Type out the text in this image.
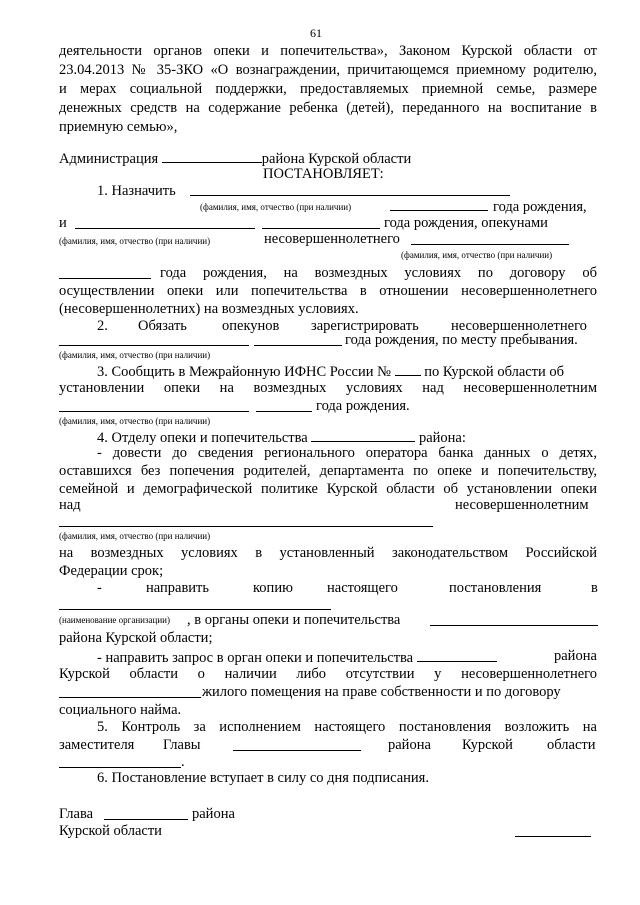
61
деятельности органов опеки и попечительства», Законом Курской области от
23.04.2013 № 35-ЗКО «О вознаграждении, причитающемся приемному родителю,
и мерах социальной поддержки, предоставляемых приемной семье, размере
денежных средств на содержание ребенка (детей), переданного на воспитание в
приемную семью»,
Администрация	района Курской области
ПОСТАНОВЛЯЕТ:
1. Назначить
(фамилия, имя, отчество (при наличии)	года рождения,
и	года рождения, опекунами
(фамилия, имя, отчество (при наличии)	несовершеннолетнего
(фамилия, имя, отчество (при наличии)
года рождения, на возмездных условиях по договору об
осуществлении опеки или попечительства в отношении несовершеннолетнего
(несовершеннолетних) на возмездных условиях.
2. Обязать опекунов зарегистрировать несовершеннолетнего
года рождения, по месту пребывания.
(фамилия, имя, отчество (при наличии)
3. Сообщить в Межрайонную ИФНС России № по Курской области об
установлении опеки на возмездных условиях над несовершеннолетним
года рождения.
(фамилия, имя, отчество (при наличии)
4. Отделу опеки и попечительства	района:
- довести до сведения регионального оператора банка данных о детях,
оставшихся без попечения родителей, департамента по опеке и попечительству,
семейной и демографической политике Курской области об установлении опеки
над	несовершеннолетним
(фамилия, имя, отчество (при наличии)
на возмездных условиях в установленный законодательством Российской
Федерации срок;
-	направить	копию настоящего	постановления	в
(наименование организации) , в органы опеки и попечительства
района Курской области;
- направить запрос в орган опеки и попечительства	района
Курской области о наличии либо отсутствии у несовершеннолетнего
жилого помещения на праве собственности и по договору
социального найма.
5. Контроль за исполнением настоящего постановления возложить на
заместителя Главы	района Курской области
.
6. Постановление вступает в силу со дня подписания.
Глава	района
Курской области
